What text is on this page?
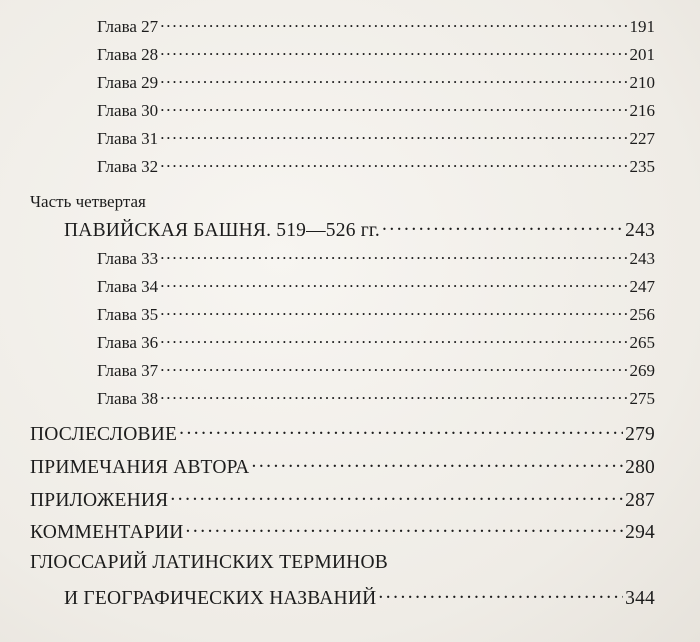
Глава 27 . . .	191
Глава 28 . . .	201
Глава 29 . . .	210
Глава 30 . . .	216
Глава 31 . . .	227
Глава 32 . . .	235
Часть четвертая
ПАВИЙСКАЯ БАШНЯ. 519—526 гг. . . .	243
Глава 33 . . .	243
Глава 34 . . .	247
Глава 35 . . .	256
Глава 36 . . .	265
Глава 37 . . .	269
Глава 38 . . .	275
ПОСЛЕСЛОВИЕ . . .	279
ПРИМЕЧАНИЯ АВТОРА . . .	280
ПРИЛОЖЕНИЯ . . .	287
КОММЕНТАРИИ . . .	294
ГЛОССАРИЙ ЛАТИНСКИХ ТЕРМИНОВ
И ГЕОГРАФИЧЕСКИХ НАЗВАНИЙ . . .	344
